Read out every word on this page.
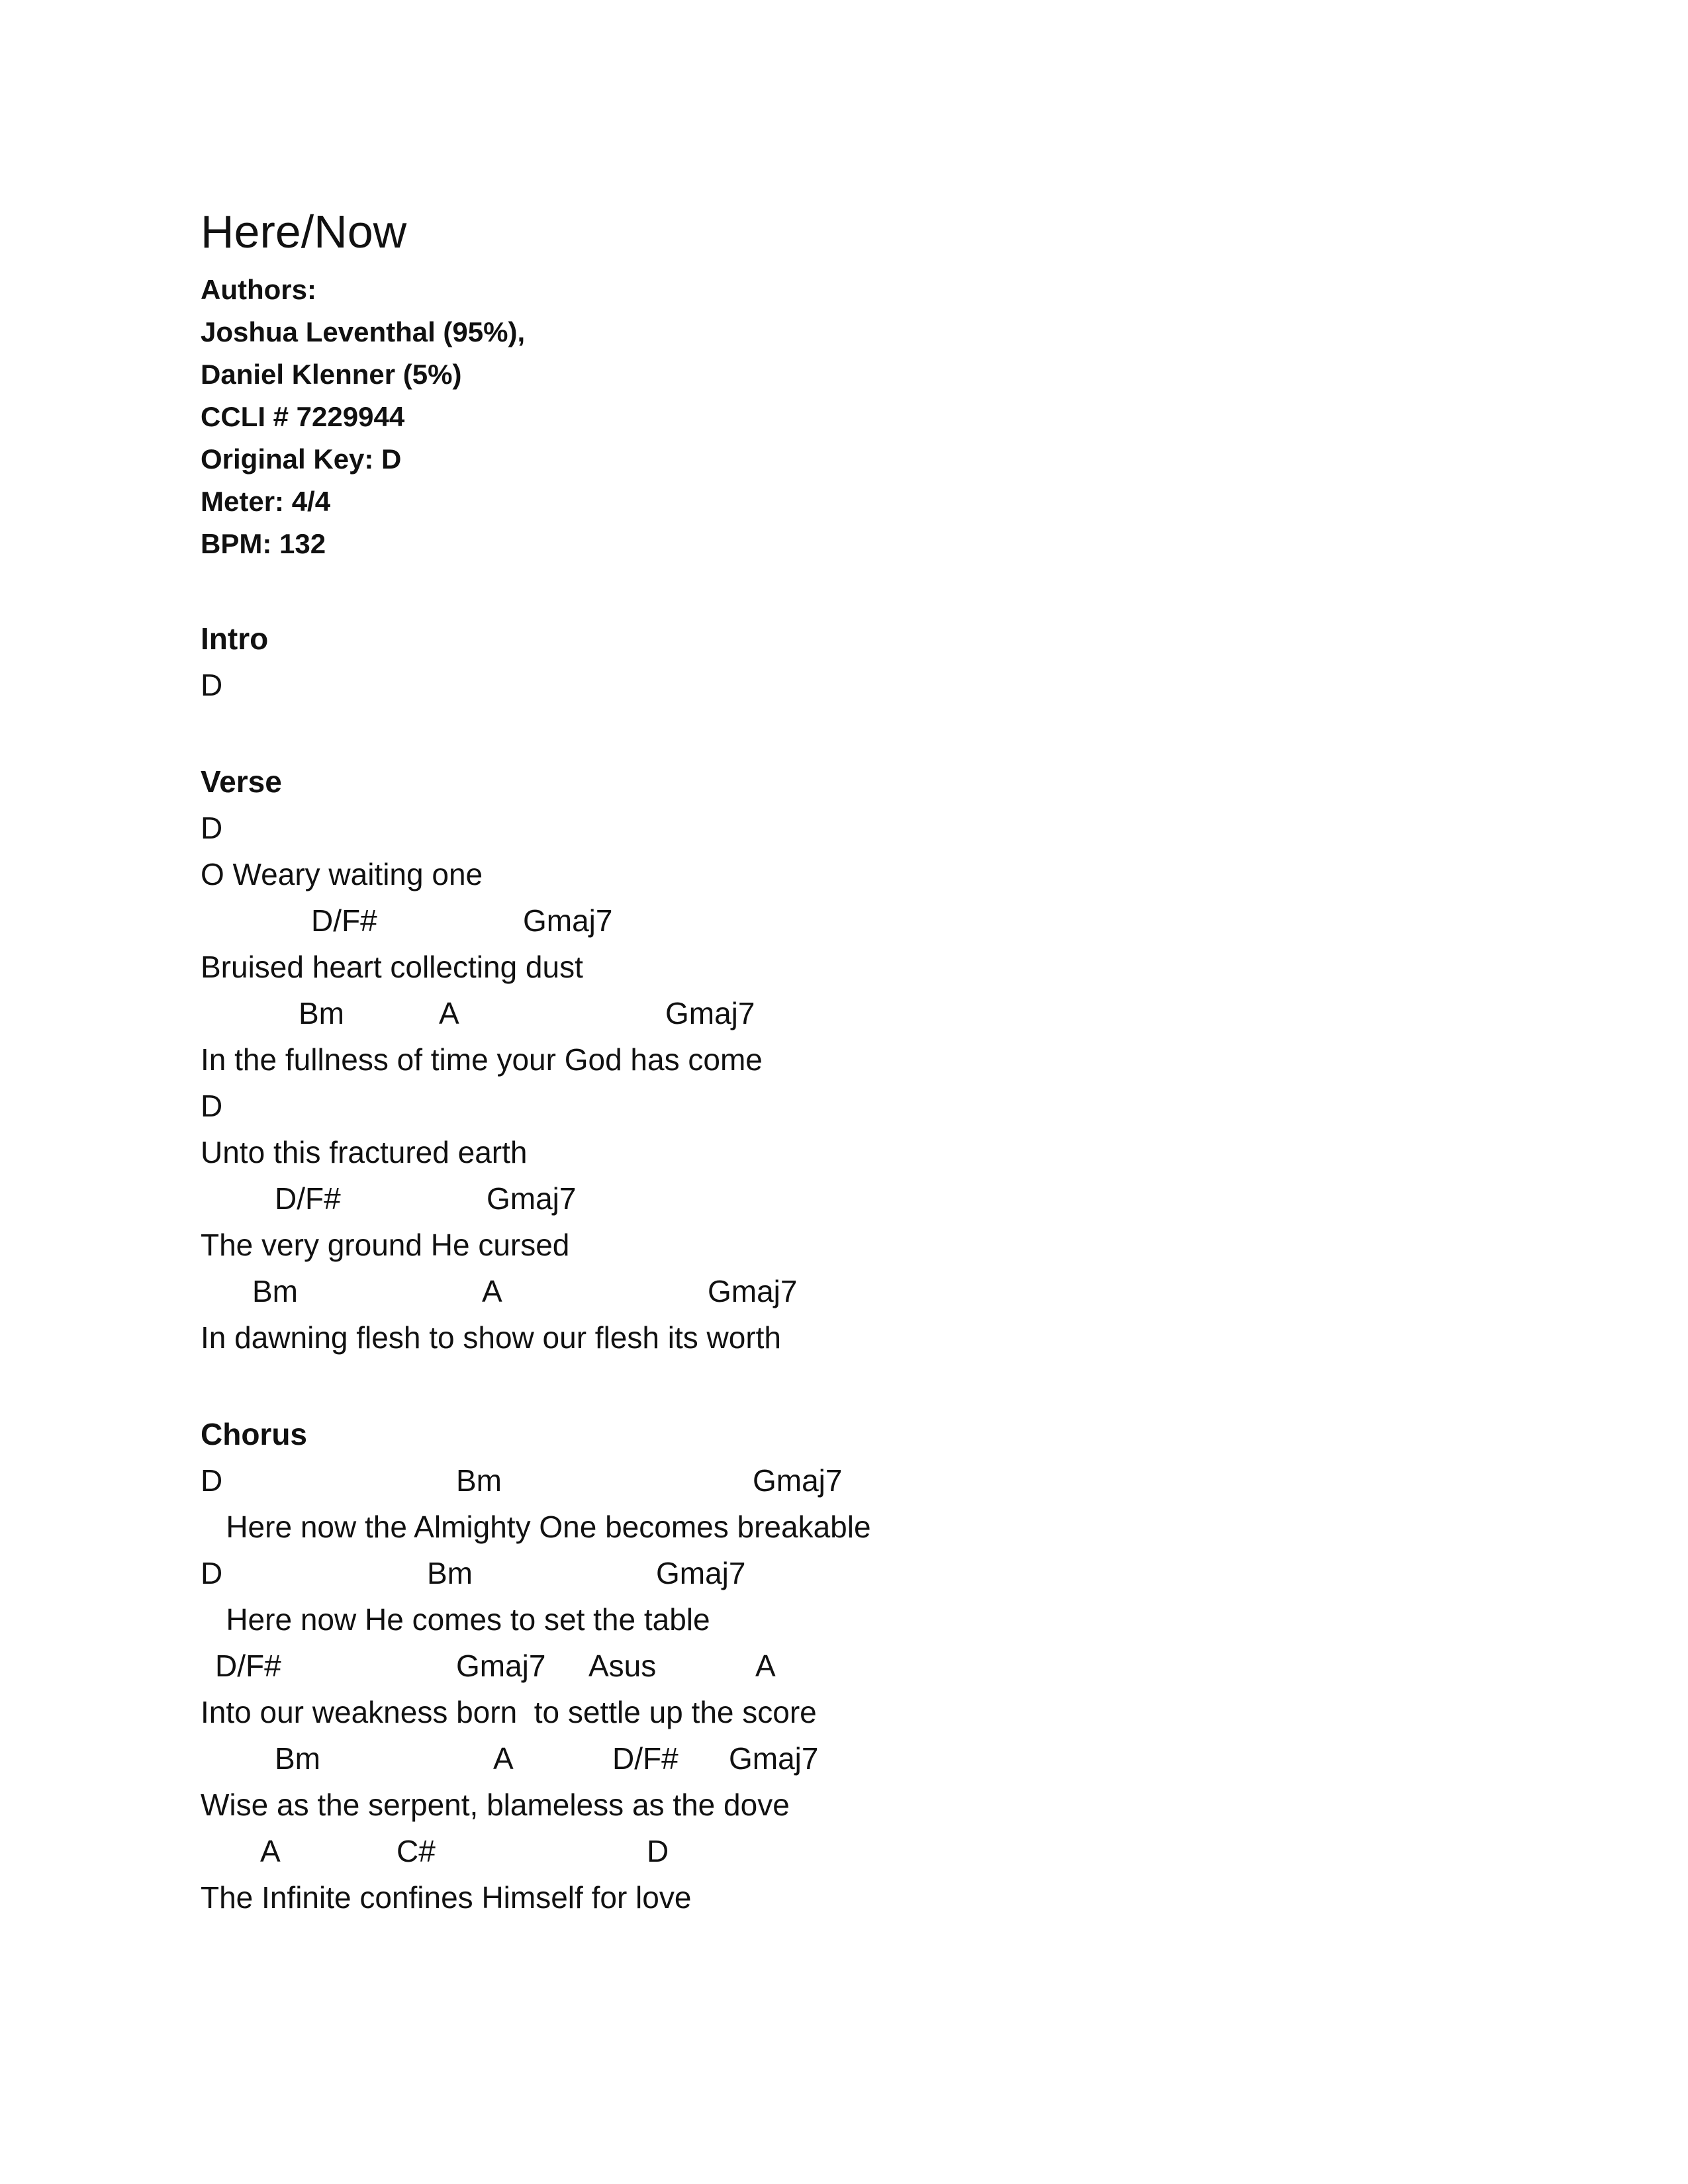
Here/Now
Authors:
Joshua Leventhal (95%),
Daniel Klenner (5%)
CCLI # 7229944
Original Key: D
Meter: 4/4
BPM: 132
Intro
D
Verse
D
O Weary waiting one
D/F#	Gmaj7
Bruised heart collecting dust
Bm	A	Gmaj7
In the fullness of time your God has come
D
Unto this fractured earth
D/F#	Gmaj7
The very ground He cursed
Bm	A	Gmaj7
In dawning flesh to show our flesh its worth
Chorus
D	Bm	Gmaj7
Here now the Almighty One becomes breakable
D	Bm	Gmaj7
Here now He comes to set the table
D/F#	Gmaj7 Asus	A
Into our weakness born  to settle up the score
Bm	A	D/F# Gmaj7
Wise as the serpent, blameless as the dove
A	C#	D
The Infinite confines Himself for love
